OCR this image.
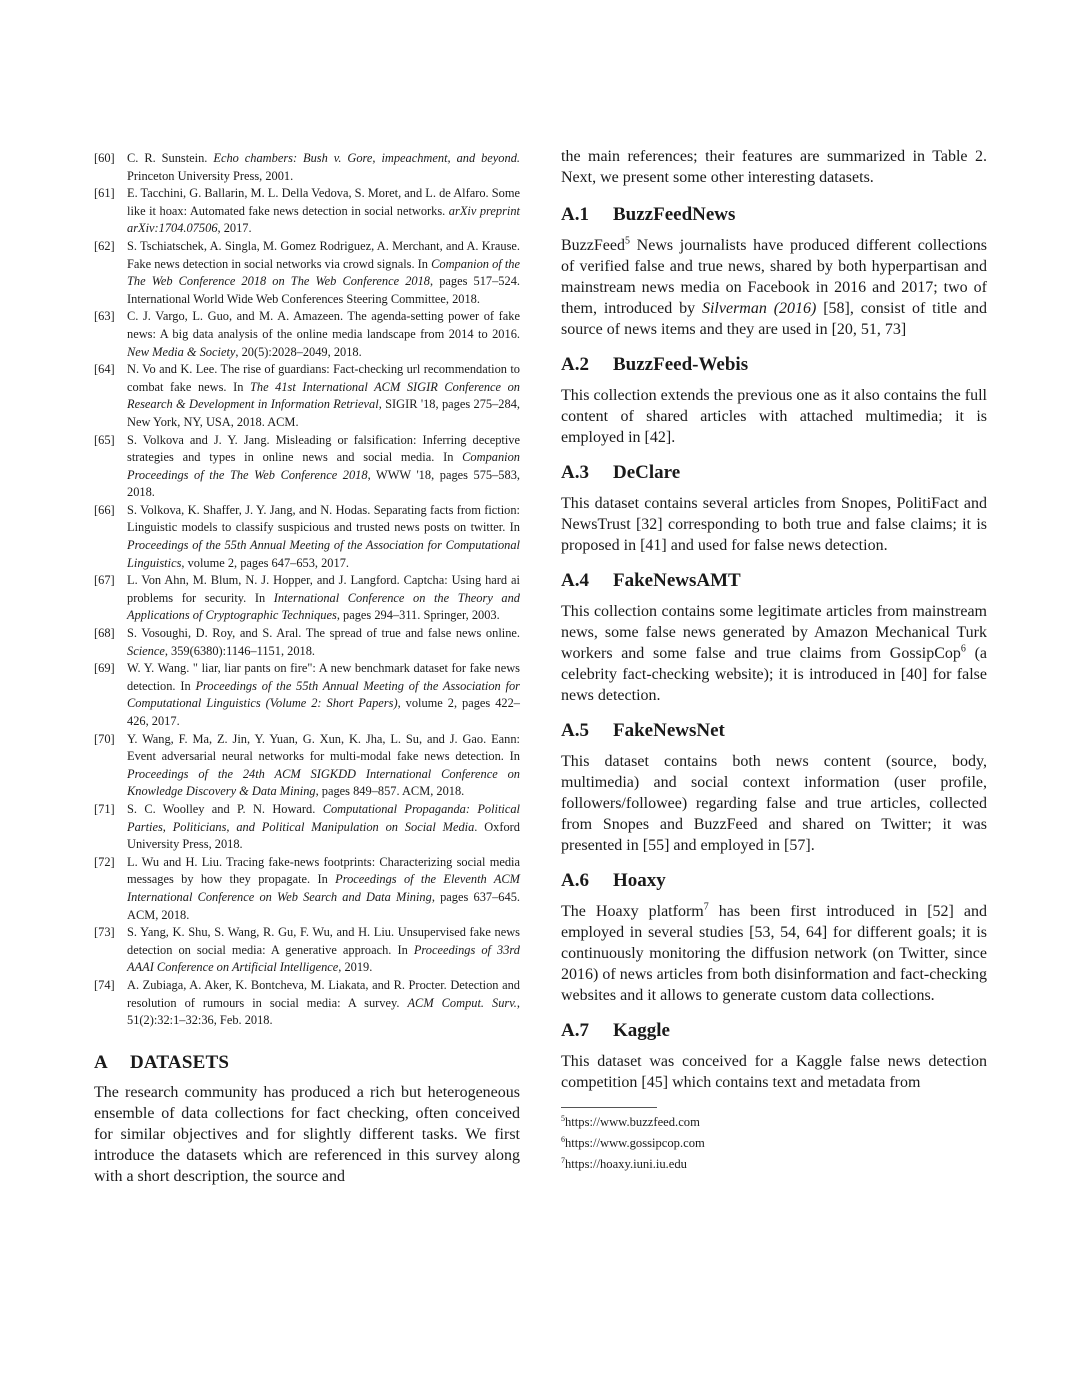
[60] C. R. Sunstein. Echo chambers: Bush v. Gore, impeachment, and beyond. Princeton University Press, 2001.

[61] E. Tacchini, G. Ballarin, M. L. Della Vedova, S. Moret, and L. de Alfaro. Some like it hoax: Automated fake news detection in social networks. arXiv preprint arXiv:1704.07506, 2017.

[62] S. Tschiatschek, A. Singla, M. Gomez Rodriguez, A. Merchant, and A. Krause. Fake news detection in social networks via crowd signals. In Companion of the The Web Conference 2018 on The Web Conference 2018, pages 517–524. International World Wide Web Conferences Steering Committee, 2018.

[63] C. J. Vargo, L. Guo, and M. A. Amazeen. The agenda-setting power of fake news: A big data analysis of the online media landscape from 2014 to 2016. New Media & Society, 20(5):2028–2049, 2018.

[64] N. Vo and K. Lee. The rise of guardians: Fact-checking url recommendation to combat fake news. In The 41st International ACM SIGIR Conference on Research & Development in Information Retrieval, SIGIR '18, pages 275–284, New York, NY, USA, 2018. ACM.

[65] S. Volkova and J. Y. Jang. Misleading or falsification: Inferring deceptive strategies and types in online news and social media. In Companion Proceedings of the The Web Conference 2018, WWW '18, pages 575–583, 2018.

[66] S. Volkova, K. Shaffer, J. Y. Jang, and N. Hodas. Separating facts from fiction: Linguistic models to classify suspicious and trusted news posts on twitter. In Proceedings of the 55th Annual Meeting of the Association for Computational Linguistics, volume 2, pages 647–653, 2017.

[67] L. Von Ahn, M. Blum, N. J. Hopper, and J. Langford. Captcha: Using hard ai problems for security. In International Conference on the Theory and Applications of Cryptographic Techniques, pages 294–311. Springer, 2003.

[68] S. Vosoughi, D. Roy, and S. Aral. The spread of true and false news online. Science, 359(6380):1146–1151, 2018.

[69] W. Y. Wang. " liar, liar pants on fire": A new benchmark dataset for fake news detection. In Proceedings of the 55th Annual Meeting of the Association for Computational Linguistics (Volume 2: Short Papers), volume 2, pages 422–426, 2017.

[70] Y. Wang, F. Ma, Z. Jin, Y. Yuan, G. Xun, K. Jha, L. Su, and J. Gao. Eann: Event adversarial neural networks for multi-modal fake news detection. In Proceedings of the 24th ACM SIGKDD International Conference on Knowledge Discovery & Data Mining, pages 849–857. ACM, 2018.

[71] S. C. Woolley and P. N. Howard. Computational Propaganda: Political Parties, Politicians, and Political Manipulation on Social Media. Oxford University Press, 2018.

[72] L. Wu and H. Liu. Tracing fake-news footprints: Characterizing social media messages by how they propagate. In Proceedings of the Eleventh ACM International Conference on Web Search and Data Mining, pages 637–645. ACM, 2018.

[73] S. Yang, K. Shu, S. Wang, R. Gu, F. Wu, and H. Liu. Unsupervised fake news detection on social media: A generative approach. In Proceedings of 33rd AAAI Conference on Artificial Intelligence, 2019.

[74] A. Zubiaga, A. Aker, K. Bontcheva, M. Liakata, and R. Procter. Detection and resolution of rumours in social media: A survey. ACM Comput. Surv., 51(2):32:1–32:36, Feb. 2018.

A DATASETS

The research community has produced a rich but heterogeneous ensemble of data collections for fact checking, often conceived for similar objectives and for slightly different tasks. We first introduce the datasets which are referenced in this survey along with a short description, the source and

the main references; their features are summarized in Table 2. Next, we present some other interesting datasets.

A.1 BuzzFeedNews

BuzzFeed$^5$ News journalists have produced different collections of verified false and true news, shared by both hyperpartisan and mainstream news media on Facebook in 2016 and 2017; two of them, introduced by Silverman (2016) [58], consist of title and source of news items and they are used in [20, 51, 73]

A.2 BuzzFeed-Webis

This collection extends the previous one as it also contains the full content of shared articles with attached multimedia; it is employed in [42].

A.3 DeClare

This dataset contains several articles from Snopes, PolitiFact and NewsTrust [32] corresponding to both true and false claims; it is proposed in [41] and used for false news detection.

A.4 FakeNewsAMT

This collection contains some legitimate articles from mainstream news, some false news generated by Amazon Mechanical Turk workers and some false and true claims from GossipCop$^6$ (a celebrity fact-checking website); it is introduced in [40] for false news detection.

A.5 FakeNewsNet

This dataset contains both news content (source, body, multimedia) and social context information (user profile, followers/followee) regarding false and true articles, collected from Snopes and BuzzFeed and shared on Twitter; it was presented in [55] and employed in [57].

A.6 Hoaxy

The Hoaxy platform$^7$ has been first introduced in [52] and employed in several studies [53, 54, 64] for different goals; it is continuously monitoring the diffusion network (on Twitter, since 2016) of news articles from both disinformation and fact-checking websites and it allows to generate custom data collections.

A.7 Kaggle

This dataset was conceived for a Kaggle false news detection competition [45] which contains text and metadata from

$^5$https://www.buzzfeed.com
$^6$https://www.gossipcop.com
$^7$https://hoaxy.iuni.iu.edu
